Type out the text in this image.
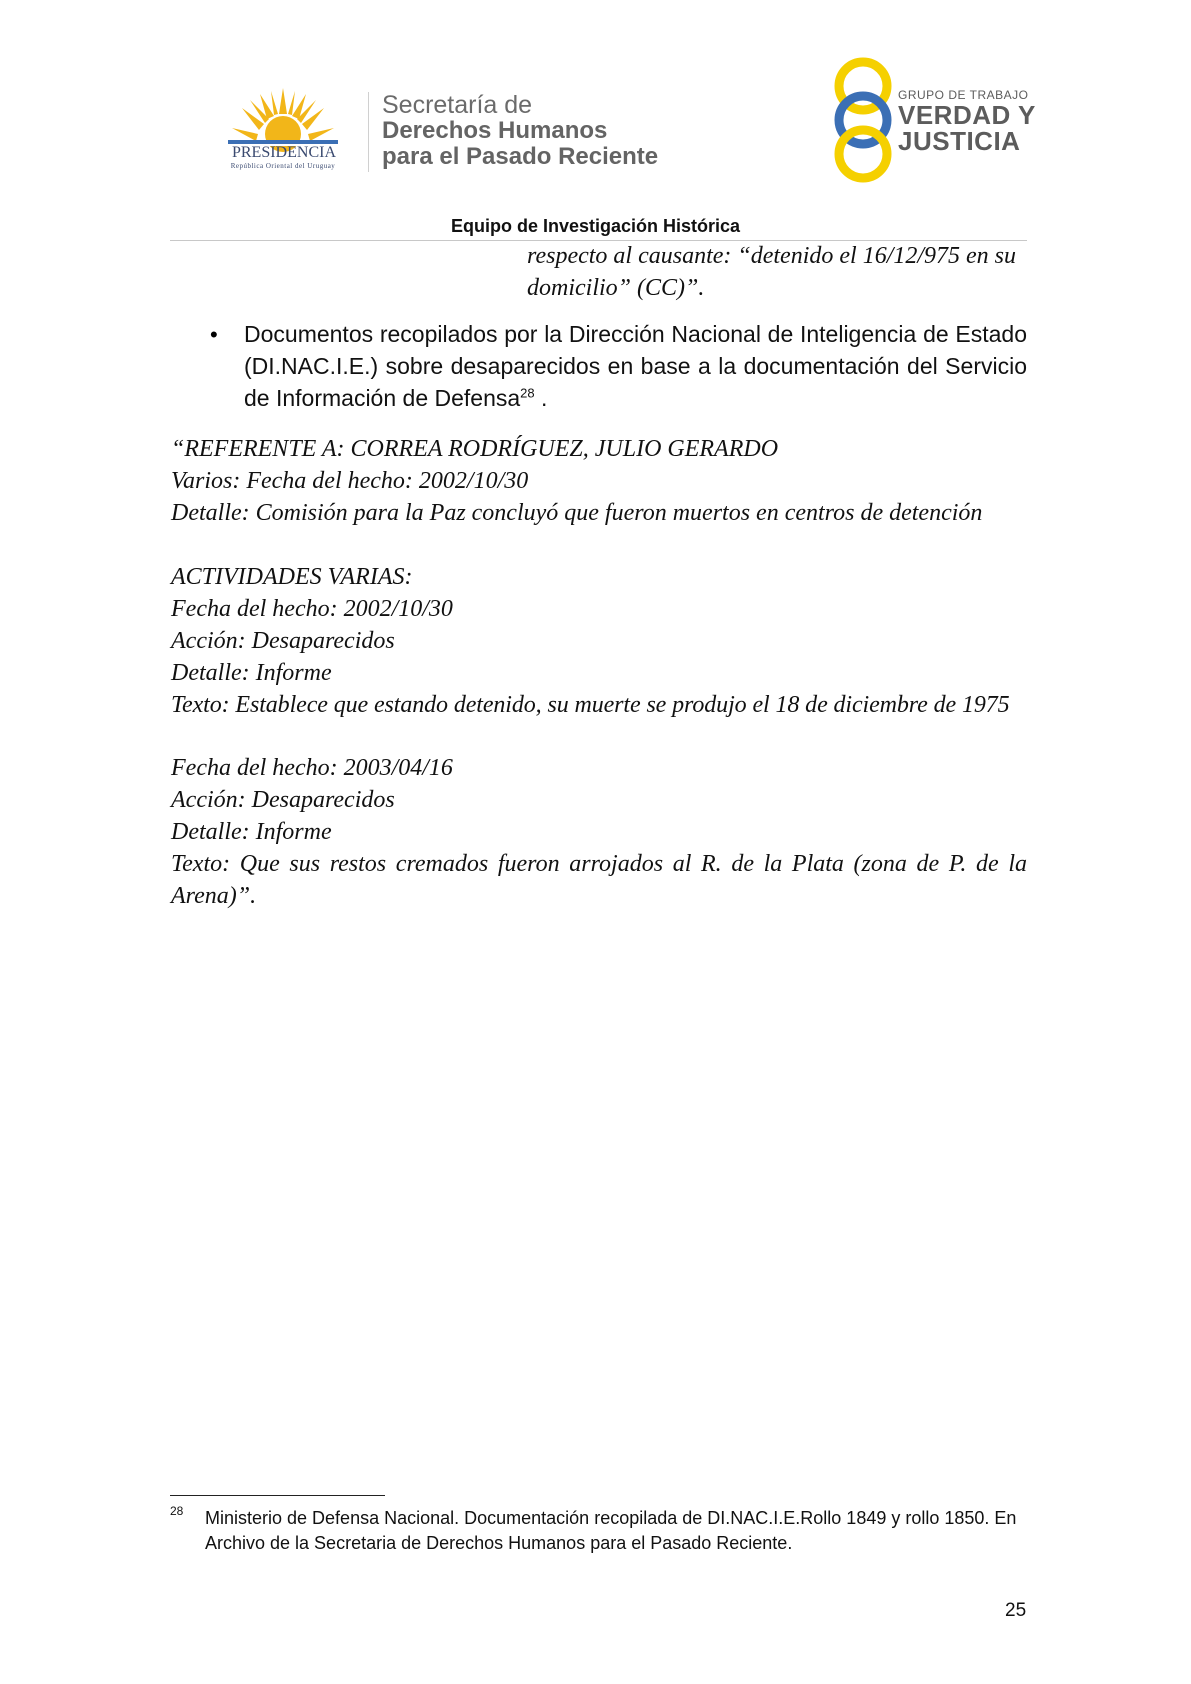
PRESIDENCIA
República Oriental del Uruguay
Secretaría de
Derechos Humanos
para el Pasado Reciente
GRUPO DE TRABAJO
VERDAD Y
JUSTICIA
Equipo de Investigación Histórica
respecto al causante: “detenido el 16/12/975 en su
domicilio” (CC)”.
• Documentos recopilados por la Dirección Nacional de Inteligencia de Estado (DI.NAC.I.E.) sobre desaparecidos en base a la documentación del Servicio de Información de Defensa$^{28}$ .
“REFERENTE A: CORREA RODRÍGUEZ, JULIO GERARDO
Varios: Fecha del hecho: 2002/10/30
Detalle: Comisión para la Paz concluyó que fueron muertos en centros de detención
ACTIVIDADES VARIAS:
Fecha del hecho: 2002/10/30
Acción: Desaparecidos
Detalle: Informe
Texto: Establece que estando detenido, su muerte se produjo el 18 de diciembre de 1975
Fecha del hecho: 2003/04/16
Acción: Desaparecidos
Detalle: Informe
Texto: Que sus restos cremados fueron arrojados al R. de la Plata (zona de P. de la Arena)”.
28 Ministerio de Defensa Nacional. Documentación recopilada de DI.NAC.I.E.Rollo 1849 y rollo 1850. En Archivo de la Secretaria de Derechos Humanos para el Pasado Reciente.
25
